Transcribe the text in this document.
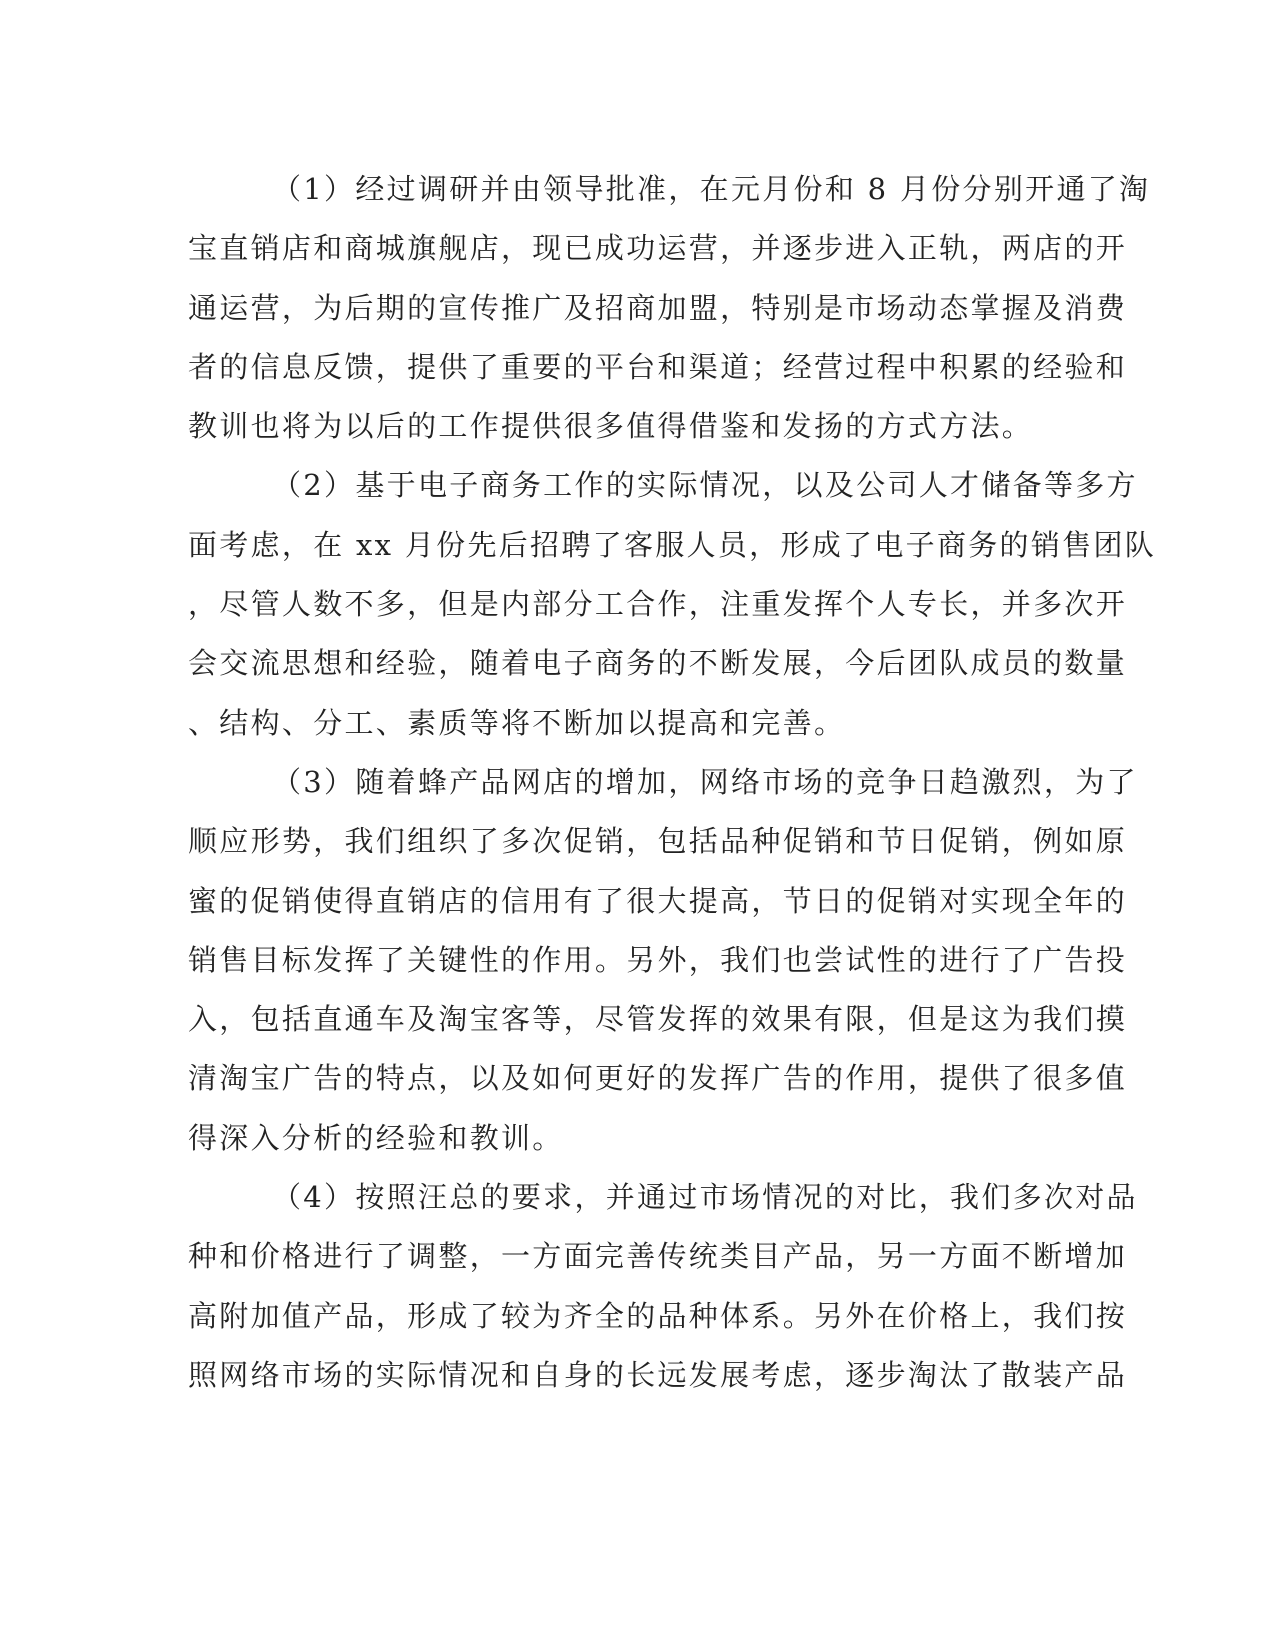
（1）经过调研并由领导批准，在元月份和 8 月份分别开通了淘
宝直销店和商城旗舰店，现已成功运营，并逐步进入正轨，两店的开
通运营，为后期的宣传推广及招商加盟，特别是市场动态掌握及消费
者的信息反馈，提供了重要的平台和渠道；经营过程中积累的经验和
教训也将为以后的工作提供很多值得借鉴和发扬的方式方法。
（2）基于电子商务工作的实际情况，以及公司人才储备等多方
面考虑，在 xx 月份先后招聘了客服人员，形成了电子商务的销售团队
，尽管人数不多，但是内部分工合作，注重发挥个人专长，并多次开
会交流思想和经验，随着电子商务的不断发展，今后团队成员的数量
、结构、分工、素质等将不断加以提高和完善。
（3）随着蜂产品网店的增加，网络市场的竞争日趋激烈，为了
顺应形势，我们组织了多次促销，包括品种促销和节日促销，例如原
蜜的促销使得直销店的信用有了很大提高，节日的促销对实现全年的
销售目标发挥了关键性的作用。另外，我们也尝试性的进行了广告投
入，包括直通车及淘宝客等，尽管发挥的效果有限，但是这为我们摸
清淘宝广告的特点，以及如何更好的发挥广告的作用，提供了很多值
得深入分析的经验和教训。
（4）按照汪总的要求，并通过市场情况的对比，我们多次对品
种和价格进行了调整，一方面完善传统类目产品，另一方面不断增加
高附加值产品，形成了较为齐全的品种体系。另外在价格上，我们按
照网络市场的实际情况和自身的长远发展考虑，逐步淘汰了散装产品
